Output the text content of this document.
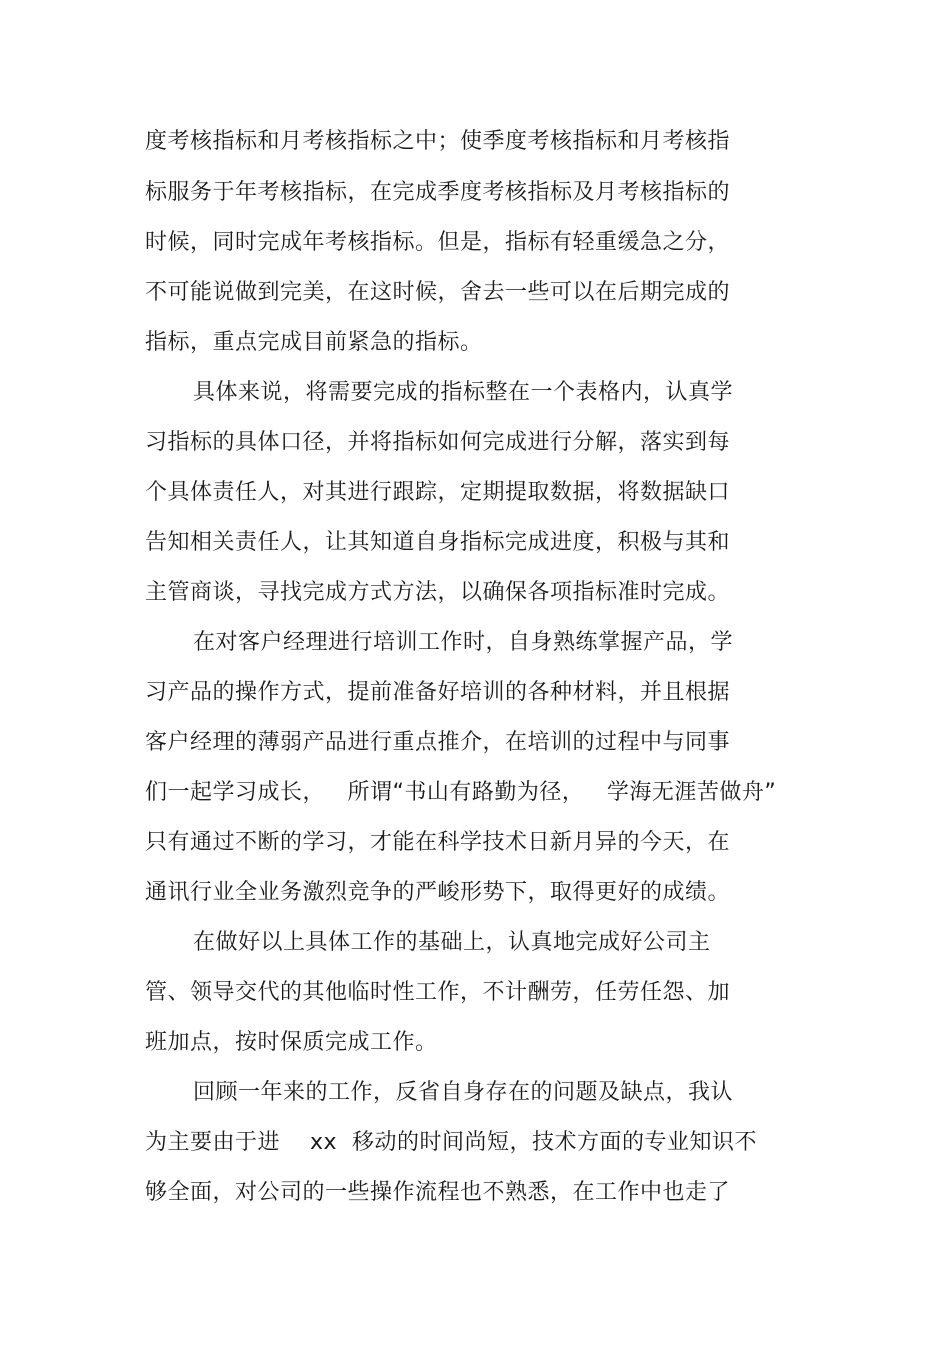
度考核指标和月考核指标之中；使季度考核指标和月考核指
标服务于年考核指标，在完成季度考核指标及月考核指标的
时候，同时完成年考核指标。但是，指标有轻重缓急之分，
不可能说做到完美，在这时候，舍去一些可以在后期完成的
指标，重点完成目前紧急的指标。
具体来说，将需要完成的指标整在一个表格内，认真学
习指标的具体口径，并将指标如何完成进行分解，落实到每
个具体责任人，对其进行跟踪，定期提取数据，将数据缺口
告知相关责任人，让其知道自身指标完成进度，积极与其和
主管商谈，寻找完成方式方法，以确保各项指标准时完成。
在对客户经理进行培训工作时，自身熟练掌握产品，学
习产品的操作方式，提前准备好培训的各种材料，并且根据
客户经理的薄弱产品进行重点推介，在培训的过程中与同事
们一起学习成长，   所谓“书山有路勤为径，   学海无涯苦做舟”
只有通过不断的学习，才能在科学技术日新月异的今天，在
通讯行业全业务激烈竞争的严峻形势下，取得更好的成绩。
在做好以上具体工作的基础上，认真地完成好公司主
管、领导交代的其他临时性工作，不计酬劳，任劳任怨、加
班加点，按时保质完成工作。
回顾一年来的工作，反省自身存在的问题及缺点，我认
为主要由于进    xx  移动的时间尚短，技术方面的专业知识不
够全面，对公司的一些操作流程也不熟悉，在工作中也走了
